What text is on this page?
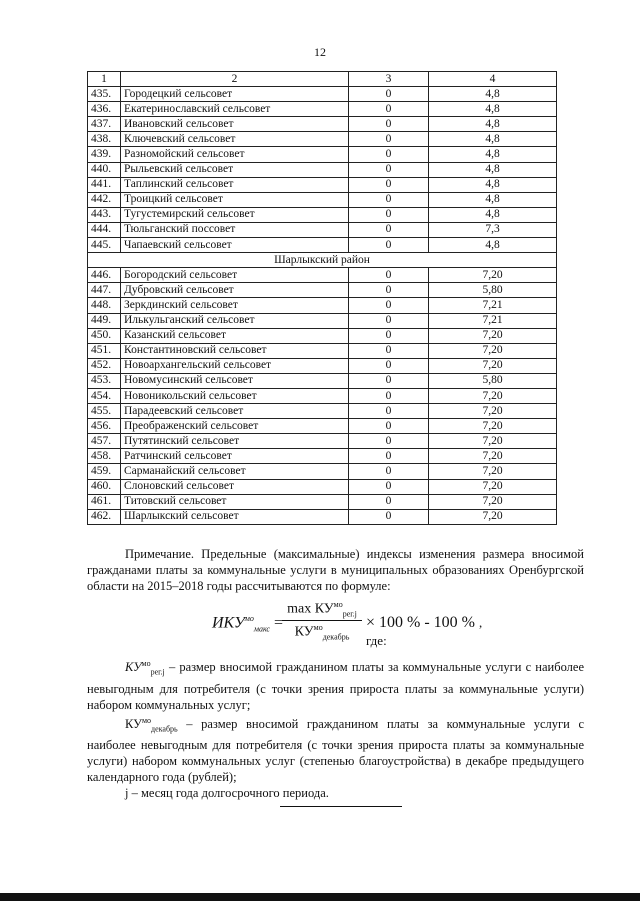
12
1	2	3	4
435.	Городецкий сельсовет	0	4,8
436.	Екатеринославский сельсовет	0	4,8
437.	Ивановский сельсовет	0	4,8
438.	Ключевский сельсовет	0	4,8
439.	Разномойский сельсовет	0	4,8
440.	Рыльевский сельсовет	0	4,8
441.	Таплинский сельсовет	0	4,8
442.	Троицкий сельсовет	0	4,8
443.	Тугустемирский сельсовет	0	4,8
444.	Тюльганский поссовет	0	7,3
445.	Чапаевский сельсовет	0	4,8
Шарлыкский район			
446.	Богородский сельсовет	0	7,20
447.	Дубровский сельсовет	0	5,80
448.	Зеркдинский сельсовет	0	7,21
449.	Илькульганский сельсовет	0	7,21
450.	Казанский сельсовет	0	7,20
451.	Константиновский сельсовет	0	7,20
452.	Новоархангельский сельсовет	0	7,20
453.	Новомусинский сельсовет	0	5,80
454.	Новоникольский сельсовет	0	7,20
455.	Парадеевский сельсовет	0	7,20
456.	Преображенский сельсовет	0	7,20
457.	Путятинский сельсовет	0	7,20
458.	Ратчинский сельсовет	0	7,20
459.	Сарманайский сельсовет	0	7,20
460.	Слоновский сельсовет	0	7,20
461.	Титовский сельсовет	0	7,20
462.	Шарлыкский сельсовет	0	7,20

Примечание. Предельные (максимальные) индексы изменения размера вносимой гражданами платы за коммунальные услуги в муниципальных образованиях Оренбургской области на 2015–2018 годы рассчитываются по формуле:

$ИКУ^{мо}_{макс}$ =
$\max КУ^{мо}_{рег.j}$
$КУ^{мо}_{декабрь}$
× 100 % - 100 % , где:

$КУ^{мо}_{рег.j}$ – размер вносимой гражданином платы за коммунальные услуги с наиболее невыгодным для потребителя (с точки зрения прироста платы за коммунальные услуги) набором коммунальных услуг;

$КУ^{мо}_{декабрь}$ – размер вносимой гражданином платы за коммунальные услуги с наиболее невыгодным для потребителя (с точки зрения прироста платы за коммунальные услуги) набором коммунальных услуг (степенью благоустройства) в декабре предыдущего календарного года (рублей);

j – месяц года долгосрочного периода.
